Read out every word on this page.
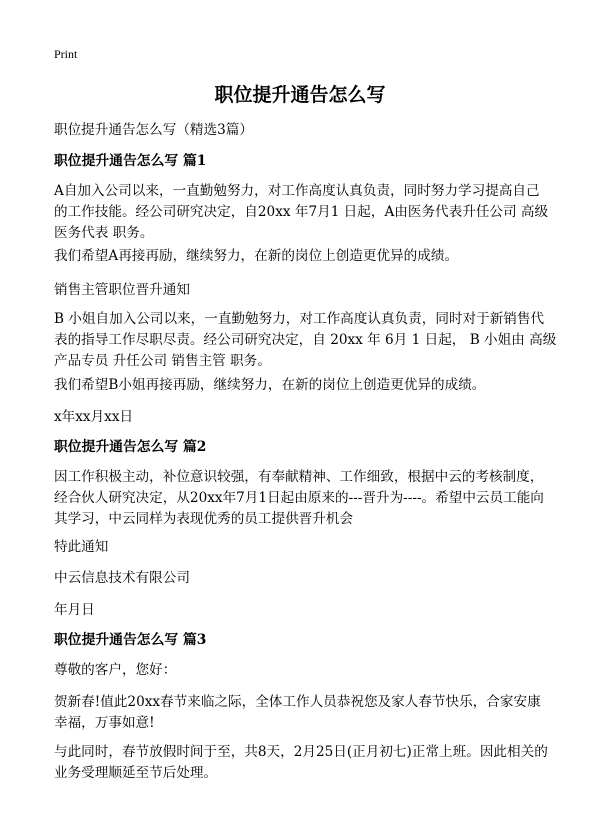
Print
职位提升通告怎么写

职位提升通告怎么写（精选3篇）

职位提升通告怎么写 篇1

A自加入公司以来，一直勤勉努力，对工作高度认真负责，同时努力学习提高自己
的工作技能。经公司研究决定，自20xx 年7月1 日起，A由医务代表升任公司 高级
医务代表 职务。

我们希望A再接再励，继续努力，在新的岗位上创造更优异的成绩。

销售主管职位晋升通知

B 小姐自加入公司以来，一直勤勉努力，对工作高度认真负责，同时对于新销售代
表的指导工作尽职尽责。经公司研究决定，自 20xx 年 6月 1 日起， B 小姐由 高级
产品专员 升任公司 销售主管 职务。

我们希望B小姐再接再励，继续努力，在新的岗位上创造更优异的成绩。

x年xx月xx日

职位提升通告怎么写 篇2

因工作积极主动，补位意识较强，有奉献精神、工作细致，根据中云的考核制度，
经合伙人研究决定，从20xx年7月1日起由原来的---晋升为----。希望中云员工能向
其学习，中云同样为表现优秀的员工提供晋升机会

特此通知

中云信息技术有限公司

年月日

职位提升通告怎么写 篇3

尊敬的客户，您好：

贺新春!值此20xx春节来临之际，全体工作人员恭祝您及家人春节快乐，合家安康
幸福，万事如意!

与此同时，春节放假时间于至，共8天，2月25日(正月初七)正常上班。因此相关的
业务受理顺延至节后处理。
